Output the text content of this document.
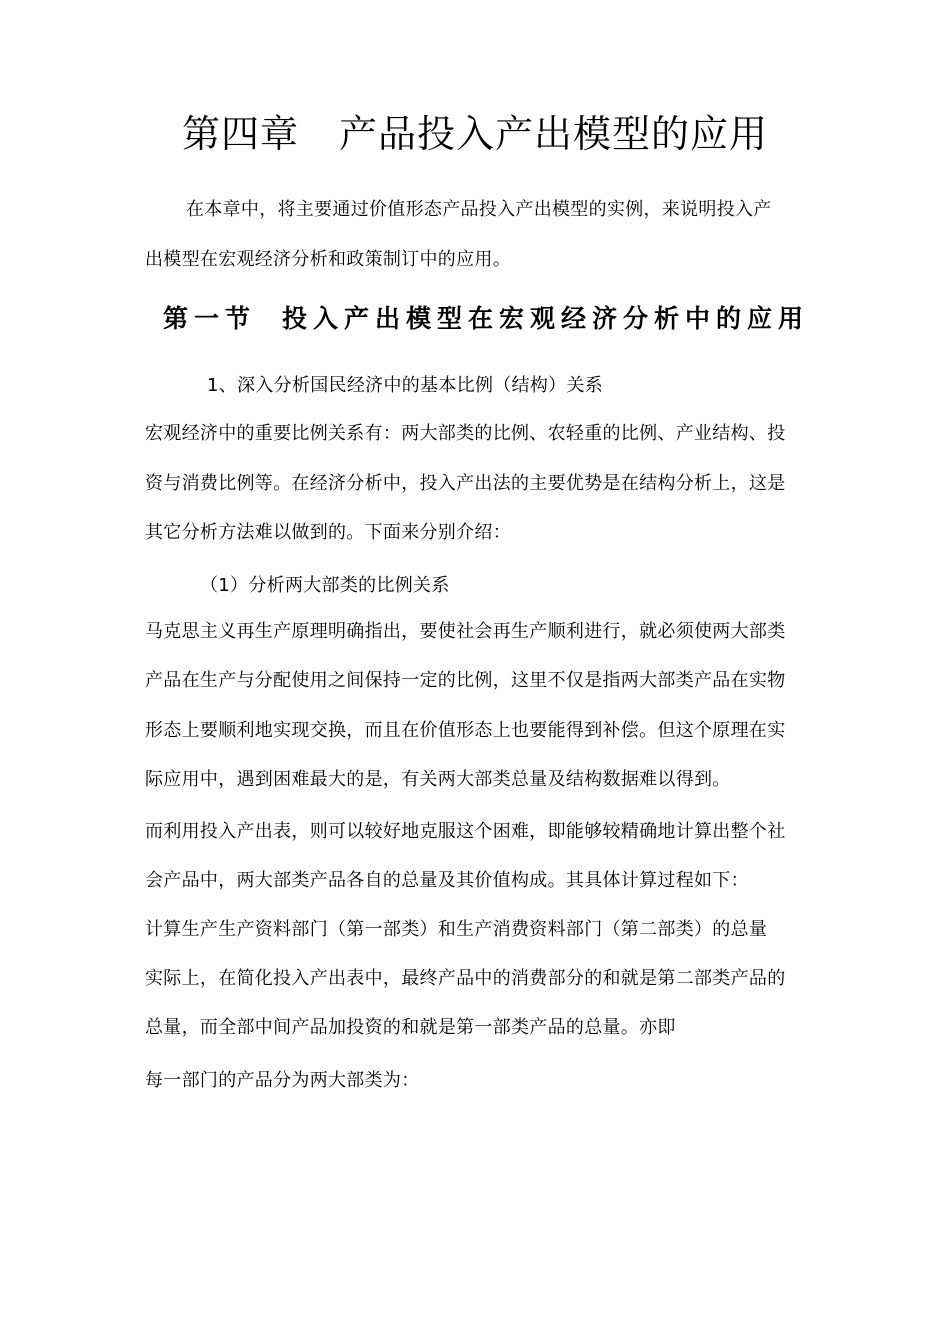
第四章 产品投入产出模型的应用
在本章中，将主要通过价值形态产品投入产出模型的实例，来说明投入产
出模型在宏观经济分析和政策制订中的应用。
第一节 投入产出模型在宏观经济分析中的应用
1、深入分析国民经济中的基本比例（结构）关系
宏观经济中的重要比例关系有：两大部类的比例、农轻重的比例、产业结构、投
资与消费比例等。在经济分析中，投入产出法的主要优势是在结构分析上，这是
其它分析方法难以做到的。下面来分别介绍：
（1）分析两大部类的比例关系
马克思主义再生产原理明确指出，要使社会再生产顺利进行，就必须使两大部类
产品在生产与分配使用之间保持一定的比例，这里不仅是指两大部类产品在实物
形态上要顺利地实现交换，而且在价值形态上也要能得到补偿。但这个原理在实
际应用中，遇到困难最大的是，有关两大部类总量及结构数据难以得到。
而利用投入产出表，则可以较好地克服这个困难，即能够较精确地计算出整个社
会产品中，两大部类产品各自的总量及其价值构成。其具体计算过程如下：
计算生产生产资料部门（第一部类）和生产消费资料部门（第二部类）的总量
实际上，在简化投入产出表中，最终产品中的消费部分的和就是第二部类产品的
总量，而全部中间产品加投资的和就是第一部类产品的总量。亦即
每一部门的产品分为两大部类为：
